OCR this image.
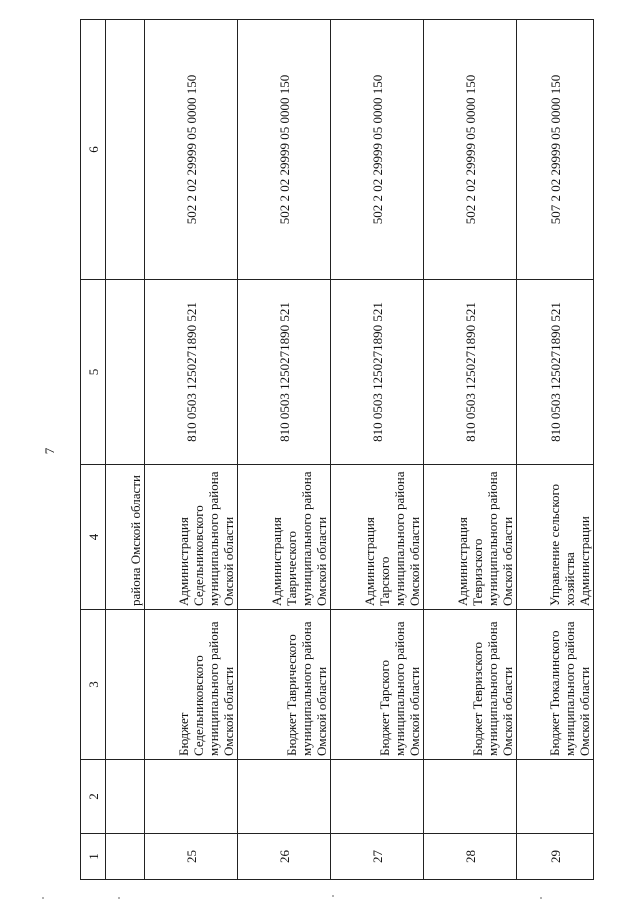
7
1	2	3	4	5	6
			района Омской области		
25		Бюджет Седельниковского муниципального района Омской области	Администрация Седельниковского муниципального района Омской области	810 0503 1250271890 521	502 2 02 29999 05 0000 150
26		Бюджет Таврического муниципального района Омской области	Администрация Таврического муниципального района Омской области	810 0503 1250271890 521	502 2 02 29999 05 0000 150
27		Бюджет Тарского муниципального района Омской области	Администрация Тарского муниципального района Омской области	810 0503 1250271890 521	502 2 02 29999 05 0000 150
28		Бюджет Тевризского муниципального района Омской области	Администрация Тевризского муниципального района Омской области	810 0503 1250271890 521	502 2 02 29999 05 0000 150
29		Бюджет Тюкалинского муниципального района Омской области	Управление сельского хозяйства Администрации	810 0503 1250271890 521	507 2 02 29999 05 0000 150
